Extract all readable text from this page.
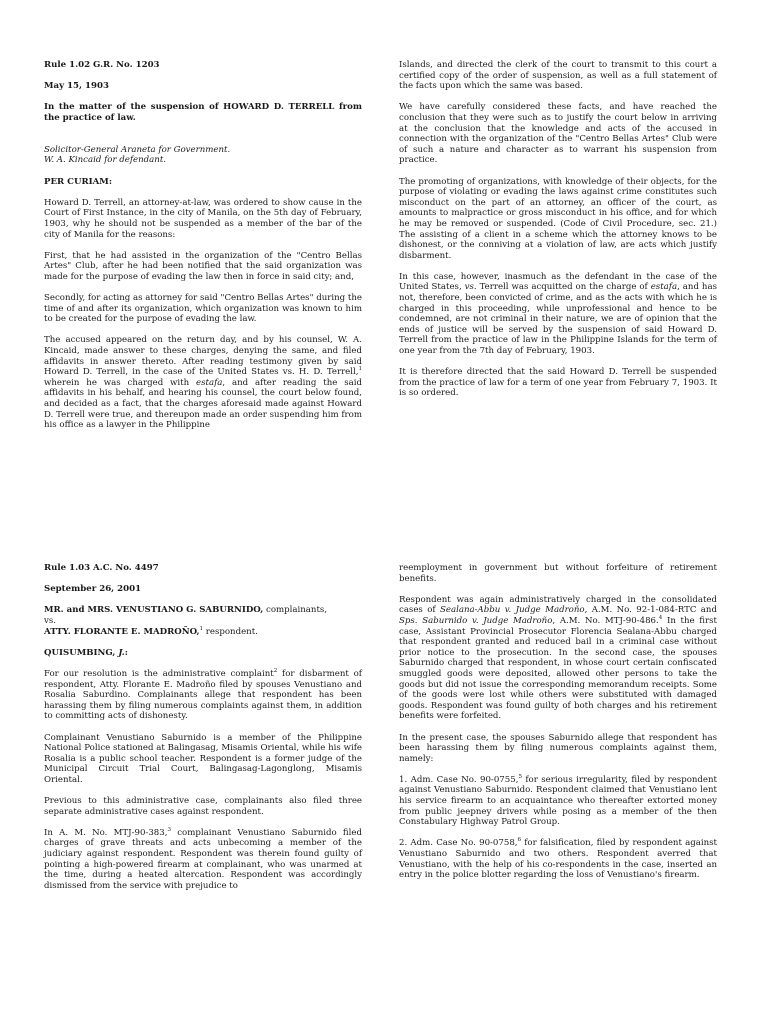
Rule 1.02 G.R. No. 1203

May 15, 1903

In the matter of the suspension of HOWARD D. TERRELL from the practice of law.

Solicitor-General Araneta for Government.

W. A. Kincaid for defendant.

PER CURIAM:

Howard D. Terrell, an attorney-at-law, was ordered to show cause in the Court of First Instance, in the city of Manila, on the 5th day of February, 1903, why he should not be suspended as a member of the bar of the city of Manila for the reasons:

First, that he had assisted in the organization of the "Centro Bellas Artes" Club, after he had been notified that the said organization was made for the purpose of evading the law then in force in said city; and,

Secondly, for acting as attorney for said "Centro Bellas Artes" during the time of and after its organization, which organization was known to him to be created for the purpose of evading the law.

The accused appeared on the return day, and by his counsel, W. A. Kincaid, made answer to these charges, denying the same, and filed affidavits in answer thereto. After reading testimony given by said Howard D. Terrell, in the case of the United States vs. H. D. Terrell,$^1$ wherein he was charged with estafa, and after reading the said affidavits in his behalf, and hearing his counsel, the court below found, and decided as a fact, that the charges aforesaid made against Howard D. Terrell were true, and thereupon made an order suspending him from his office as a lawyer in the Philippine

Islands, and directed the clerk of the court to transmit to this court a certified copy of the order of suspension, as well as a full statement of the facts upon which the same was based.

We have carefully considered these facts, and have reached the conclusion that they were such as to justify the court below in arriving at the conclusion that the knowledge and acts of the accused in connection with the organization of the "Centro Bellas Artes" Club were of such a nature and character as to warrant his suspension from practice.

The promoting of organizations, with knowledge of their objects, for the purpose of violating or evading the laws against crime constitutes such misconduct on the part of an attorney, an officer of the court, as amounts to malpractice or gross misconduct in his office, and for which he may be removed or suspended. (Code of Civil Procedure, sec. 21.) The assisting of a client in a scheme which the attorney knows to be dishonest, or the conniving at a violation of law, are acts which justify disbarment.

In this case, however, inasmuch as the defendant in the case of the United States, vs. Terrell was acquitted on the charge of estafa, and has not, therefore, been convicted of crime, and as the acts with which he is charged in this proceeding, while unprofessional and hence to be condemned, are not criminal in their nature, we are of opinion that the ends of justice will be served by the suspension of said Howard D. Terrell from the practice of law in the Philippine Islands for the term of one year from the 7th day of February, 1903.

It is therefore directed that the said Howard D. Terrell be suspended from the practice of law for a term of one year from February 7, 1903. It is so ordered.

Rule 1.03 A.C. No. 4497

September 26, 2001

MR. and MRS. VENUSTIANO G. SABURNIDO, complainants,

vs.

ATTY. FLORANTE E. MADROÑO,$^1$ respondent.

QUISUMBING, J.:

For our resolution is the administrative complaint$^2$ for disbarment of respondent, Atty. Florante E. Madroño filed by spouses Venustiano and Rosalia Saburdino. Complainants allege that respondent has been harassing them by filing numerous complaints against them, in addition to committing acts of dishonesty.

Complainant Venustiano Saburnido is a member of the Philippine National Police stationed at Balingasag, Misamis Oriental, while his wife Rosalia is a public school teacher. Respondent is a former judge of the Municipal Circuit Trial Court, Balingasag-Lagonglong, Misamis Oriental.

Previous to this administrative case, complainants also filed three separate administrative cases against respondent.

In A. M. No. MTJ-90-383,$^3$ complainant Venustiano Saburnido filed charges of grave threats and acts unbecoming a member of the judiciary against respondent. Respondent was therein found guilty of pointing a high-powered firearm at complainant, who was unarmed at the time, during a heated altercation. Respondent was accordingly dismissed from the service with prejudice to

reemployment in government but without forfeiture of retirement benefits.

Respondent was again administratively charged in the consolidated cases of Sealana-Abbu v. Judge Madroño, A.M. No. 92-1-084-RTC and Sps. Saburnido v. Judge Madroño, A.M. No. MTJ-90-486.$^4$ In the first case, Assistant Provincial Prosecutor Florencia Sealana-Abbu charged that respondent granted and reduced bail in a criminal case without prior notice to the prosecution. In the second case, the spouses Saburnido charged that respondent, in whose court certain confiscated smuggled goods were deposited, allowed other persons to take the goods but did not issue the corresponding memorandum receipts. Some of the goods were lost while others were substituted with damaged goods. Respondent was found guilty of both charges and his retirement benefits were forfeited.

In the present case, the spouses Saburnido allege that respondent has been harassing them by filing numerous complaints against them, namely:

1. Adm. Case No. 90-0755,$^5$ for serious irregularity, filed by respondent against Venustiano Saburnido. Respondent claimed that Venustiano lent his service firearm to an acquaintance who thereafter extorted money from public jeepney drivers while posing as a member of the then Constabulary Highway Patrol Group.

2. Adm. Case No. 90-0758,$^6$ for falsification, filed by respondent against Venustiano Saburnido and two others. Respondent averred that Venustiano, with the help of his co-respondents in the case, inserted an entry in the police blotter regarding the loss of Venustiano's firearm.
